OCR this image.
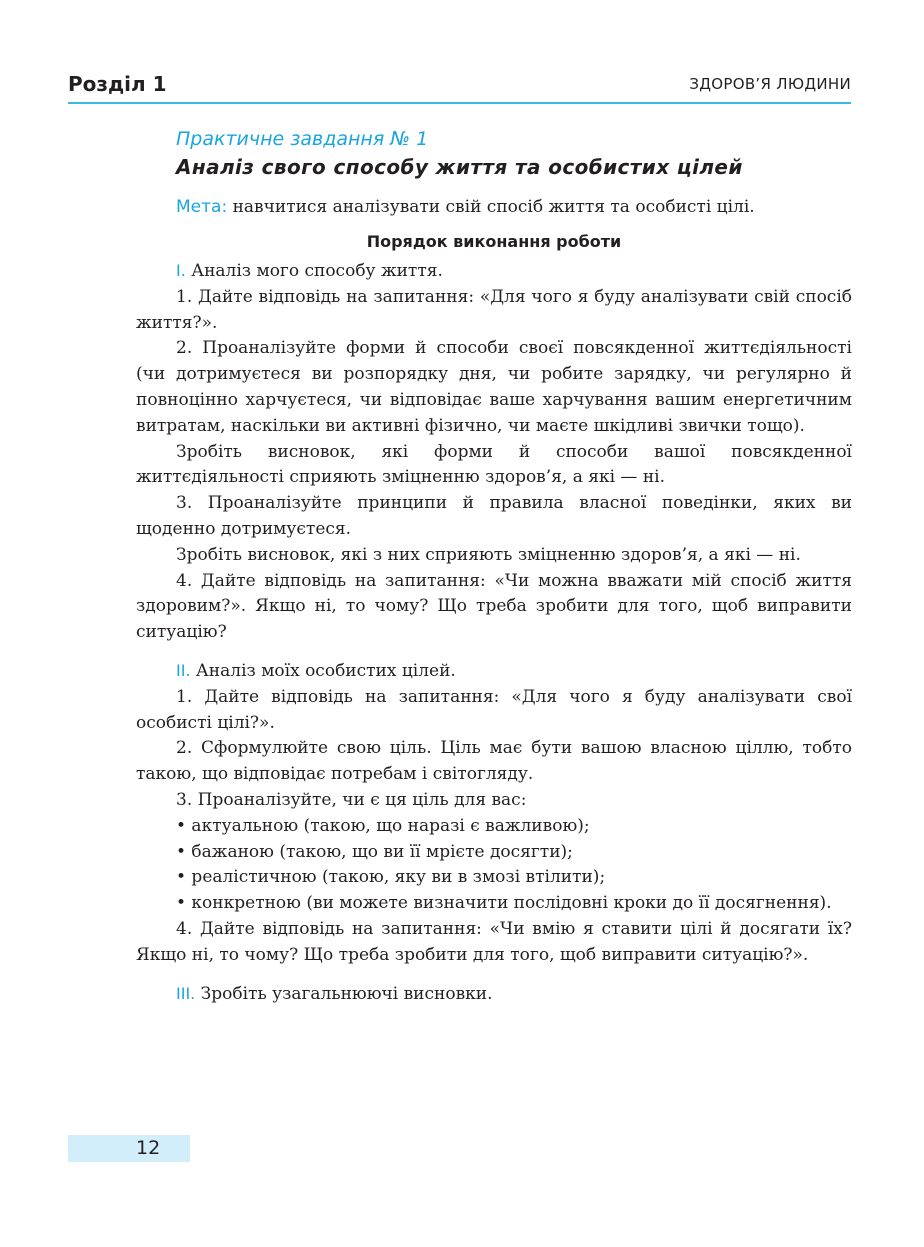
Розділ 1	ЗДОРОВ’Я ЛЮДИНИ
Практичне завдання № 1
Аналіз свого способу життя та особистих цілей
Мета: навчитися аналізувати свій спосіб життя та особисті цілі.
Порядок виконання роботи

I. Аналіз мого способу життя.

1. Дайте відповідь на запитання: «Для чого я буду аналізувати свій спосіб життя?».

2. Проаналізуйте форми й способи своєї повсякденної життєдіяльності (чи дотримуєтеся ви розпорядку дня, чи робите зарядку, чи регулярно й повноцінно харчуєтеся, чи відповідає ваше харчування вашим енергетичним витратам, наскільки ви активні фізично, чи маєте шкідливі звички тощо).

Зробіть висновок, які форми й способи вашої повсякденної життєдіяльності сприяють зміцненню здоров’я, а які — ні.

3. Проаналізуйте принципи й правила власної поведінки, яких ви щоденно дотримуєтеся.

Зробіть висновок, які з них сприяють зміцненню здоров’я, а які — ні.

4. Дайте відповідь на запитання: «Чи можна вважати мій спосіб життя здоровим?». Якщо ні, то чому? Що треба зробити для того, щоб виправити ситуацію?

II. Аналіз моїх особистих цілей.

1. Дайте відповідь на запитання: «Для чого я буду аналізувати свої особисті цілі?».

2. Сформулюйте свою ціль. Ціль має бути вашою власною ціллю, тобто такою, що відповідає потребам і світогляду.

3. Проаналізуйте, чи є ця ціль для вас:

• актуальною (такою, що наразі є важливою);

• бажаною (такою, що ви її мрієте досягти);

• реалістичною (такою, яку ви в змозі втілити);

• конкретною (ви можете визначити послідовні кроки до її досягнення).

4. Дайте відповідь на запитання: «Чи вмію я ставити цілі й досягати їх? Якщо ні, то чому? Що треба зробити для того, щоб виправити ситуацію?».

III. Зробіть узагальнюючі висновки.

12
